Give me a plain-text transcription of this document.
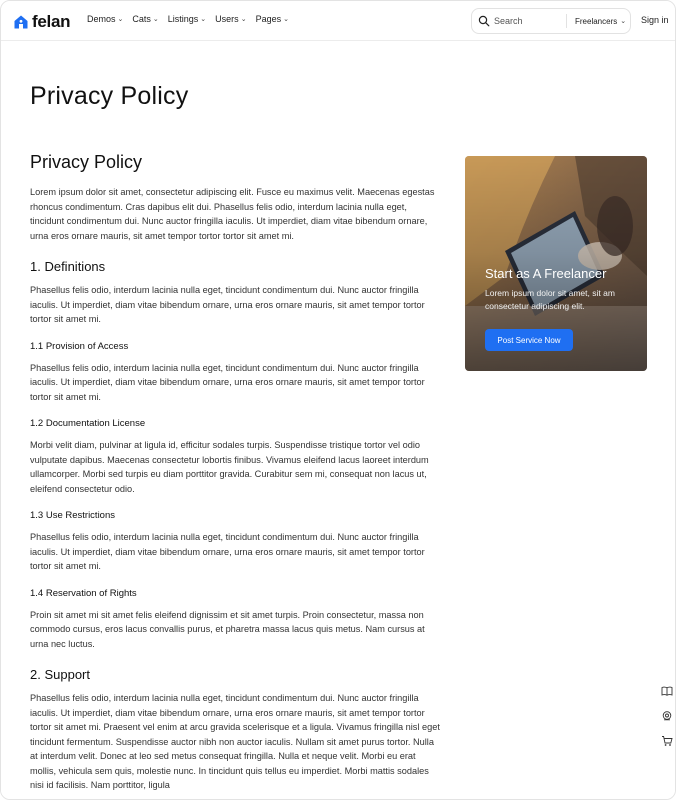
felan Demos ⌄ Cats ⌄ Listings ⌄ Users ⌄ Pages ⌄
Search	Freelancers ⌄ Sign in
Privacy Policy
Privacy Policy

Lorem ipsum dolor sit amet, consectetur adipiscing elit. Fusce eu maximus velit. Maecenas egestas rhoncus condimentum. Cras dapibus elit dui. Phasellus felis odio, interdum lacinia nulla eget, tincidunt condimentum dui. Nunc auctor fringilla iaculis. Ut imperdiet, diam vitae bibendum ornare, urna eros ornare mauris, sit amet tempor tortor tortor sit amet mi.

1. Definitions

Phasellus felis odio, interdum lacinia nulla eget, tincidunt condimentum dui. Nunc auctor fringilla iaculis. Ut imperdiet, diam vitae bibendum ornare, urna eros ornare mauris, sit amet tempor tortor tortor sit amet mi.

1.1 Provision of Access

Phasellus felis odio, interdum lacinia nulla eget, tincidunt condimentum dui. Nunc auctor fringilla iaculis. Ut imperdiet, diam vitae bibendum ornare, urna eros ornare mauris, sit amet tempor tortor tortor sit amet mi.

1.2 Documentation License

Morbi velit diam, pulvinar at ligula id, efficitur sodales turpis. Suspendisse tristique tortor vel odio vulputate dapibus. Maecenas consectetur lobortis finibus. Vivamus eleifend lacus laoreet interdum ullamcorper. Morbi sed turpis eu diam porttitor gravida. Curabitur sem mi, consequat non lacus ut, eleifend consectetur odio.

1.3 Use Restrictions

Phasellus felis odio, interdum lacinia nulla eget, tincidunt condimentum dui. Nunc auctor fringilla iaculis. Ut imperdiet, diam vitae bibendum ornare, urna eros ornare mauris, sit amet tempor tortor tortor sit amet mi.

1.4 Reservation of Rights

Proin sit amet mi sit amet felis eleifend dignissim et sit amet turpis. Proin consectetur, massa non commodo cursus, eros lacus convallis purus, et pharetra massa lacus quis metus. Nam cursus at urna nec luctus.

2. Support

Phasellus felis odio, interdum lacinia nulla eget, tincidunt condimentum dui. Nunc auctor fringilla iaculis. Ut imperdiet, diam vitae bibendum ornare, urna eros ornare mauris, sit amet tempor tortor tortor sit amet mi. Praesent vel enim at arcu gravida scelerisque et a ligula. Vivamus fringilla nisl eget tincidunt fermentum. Suspendisse auctor nibh non auctor iaculis. Nullam sit amet purus tortor. Nulla at interdum velit. Donec at leo sed metus consequat fringilla. Nulla et neque velit. Morbi eu erat mollis, vehicula sem quis, molestie nunc. In tincidunt quis tellus eu imperdiet. Morbi mattis sodales nisi id facilisis. Nam porttitor, ligula

Start as A Freelancer
Lorem ipsum dolor sit amet, sit am consectetur adipiscing elit.
Post Service Now
